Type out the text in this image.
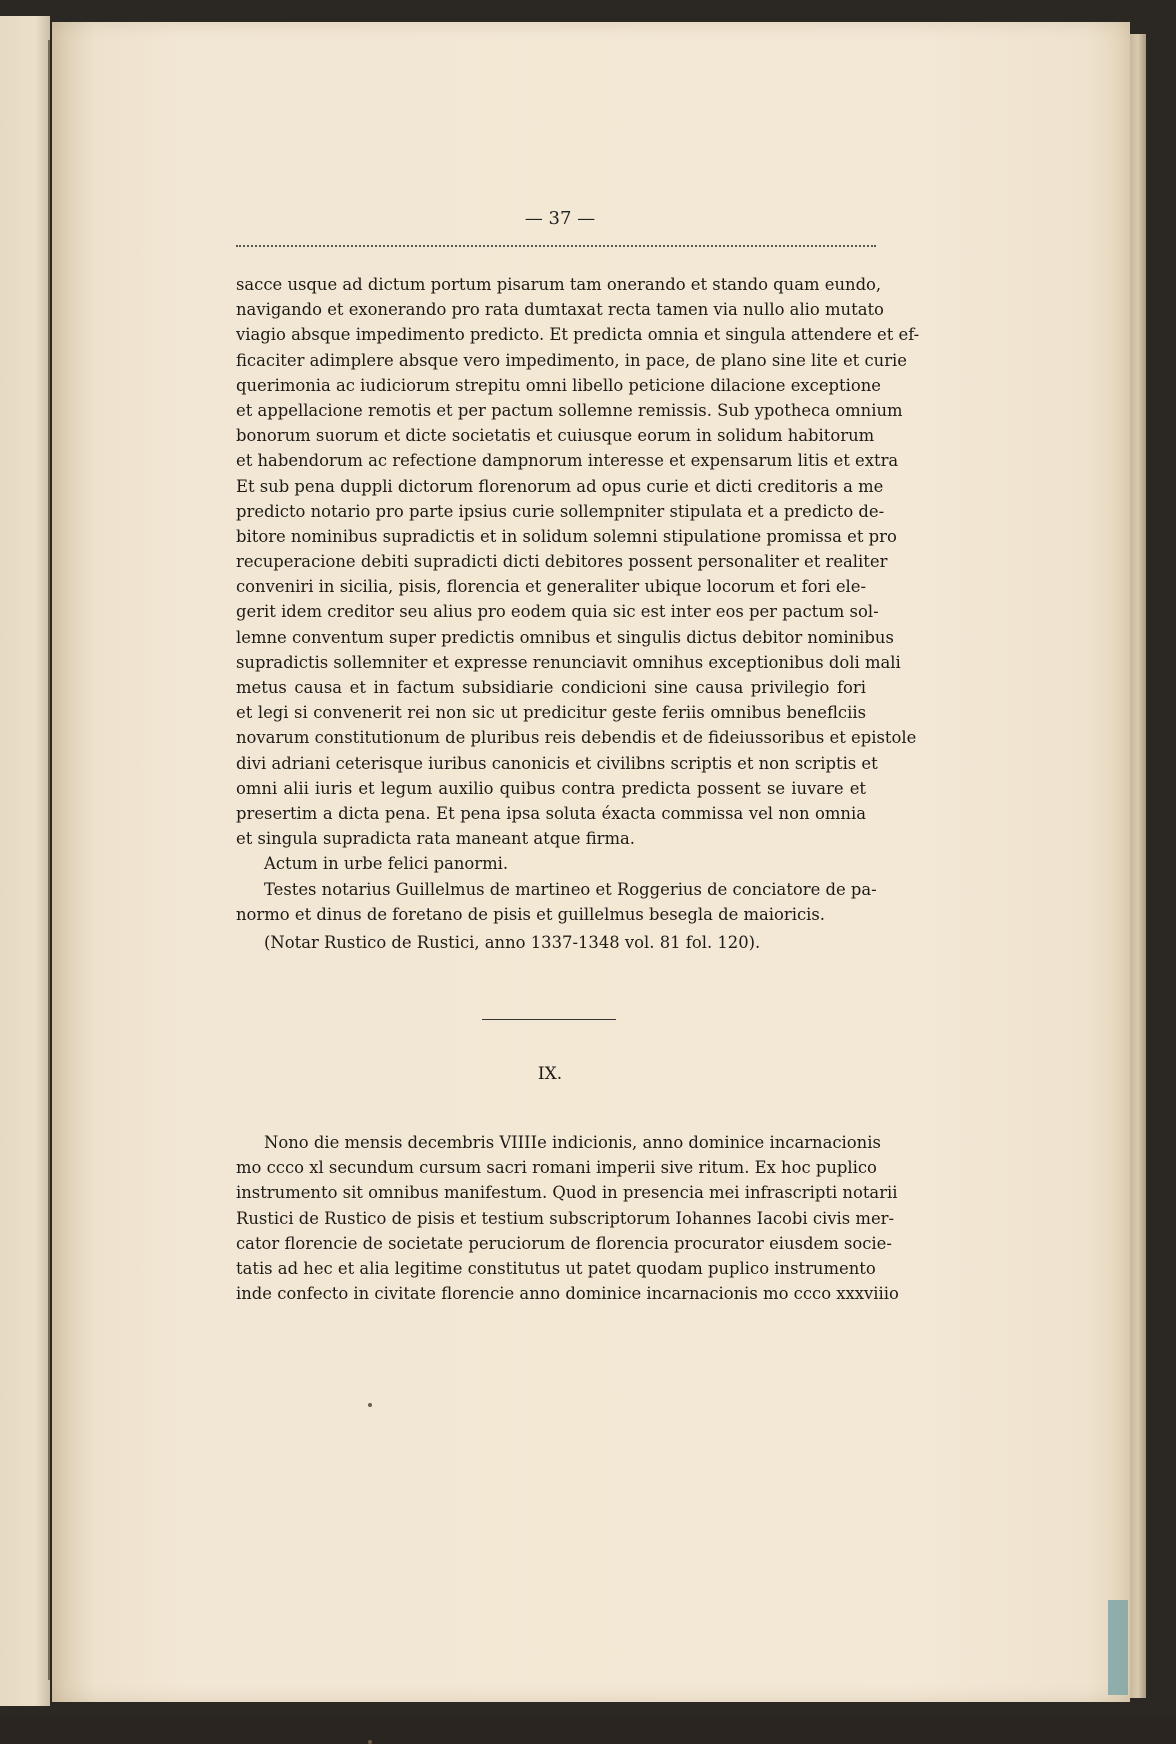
— 37 —
sacce usque ad dictum portum pisarum tam onerando et stando quam eundo,
navigando et exonerando pro rata dumtaxat recta tamen via nullo alio mutato
viagio absque impedimento predicto. Et predicta omnia et singula attendere et ef-
ficaciter adimplere absque vero impedimento, in pace, de plano sine lite et curie
querimonia ac iudiciorum strepitu omni libello peticione dilacione exceptione
et appellacione remotis et per pactum sollemne remissis. Sub ypotheca omnium
bonorum suorum et dicte societatis et cuiusque eorum in solidum habitorum
et habendorum ac refectione dampnorum interesse et expensarum litis et extra
Et sub pena duppli dictorum florenorum ad opus curie et dicti creditoris a me
predicto notario pro parte ipsius curie sollempniter stipulata et a predicto de-
bitore nominibus supradictis et in solidum solemni stipulatione promissa et pro
recuperacione debiti supradicti dicti debitores possent personaliter et realiter
conveniri in sicilia, pisis, florencia et generaliter ubique locorum et fori ele-
gerit idem creditor seu alius pro eodem quia sic est inter eos per pactum sol-
lemne conventum super predictis omnibus et singulis dictus debitor nominibus
supradictis sollemniter et expresse renunciavit omnihus exceptionibus doli mali
metus causa et in factum subsidiarie condicioni sine causa privilegio fori
et legi si convenerit rei non sic ut predicitur geste feriis omnibus beneflciis
novarum constitutionum de pluribus reis debendis et de fideiussoribus et epistole
divi adriani ceterisque iuribus canonicis et civilibns scriptis et non scriptis et
omni alii iuris et legum auxilio quibus contra predicta possent se iuvare et
presertim a dicta pena. Et pena ipsa soluta éxacta commissa vel non omnia
et singula supradicta rata maneant atque firma.
Actum in urbe felici panormi.
Testes notarius Guillelmus de martineo et Roggerius de conciatore de pa-
normo et dinus de foretano de pisis et guillelmus besegla de maioricis.
(Notar Rustico de Rustici, anno 1337-1348 vol. 81 fol. 120).
IX.
Nono die mensis decembris VIIIIe indicionis, anno dominice incarnacionis
mo ccco xl secundum cursum sacri romani imperii sive ritum. Ex hoc puplico
instrumento sit omnibus manifestum. Quod in presencia mei infrascripti notarii
Rustici de Rustico de pisis et testium subscriptorum Iohannes Iacobi civis mer-
cator florencie de societate peruciorum de florencia procurator eiusdem socie-
tatis ad hec et alia legitime constitutus ut patet quodam puplico instrumento
inde confecto in civitate florencie anno dominice incarnacionis mo ccco xxxviiio
